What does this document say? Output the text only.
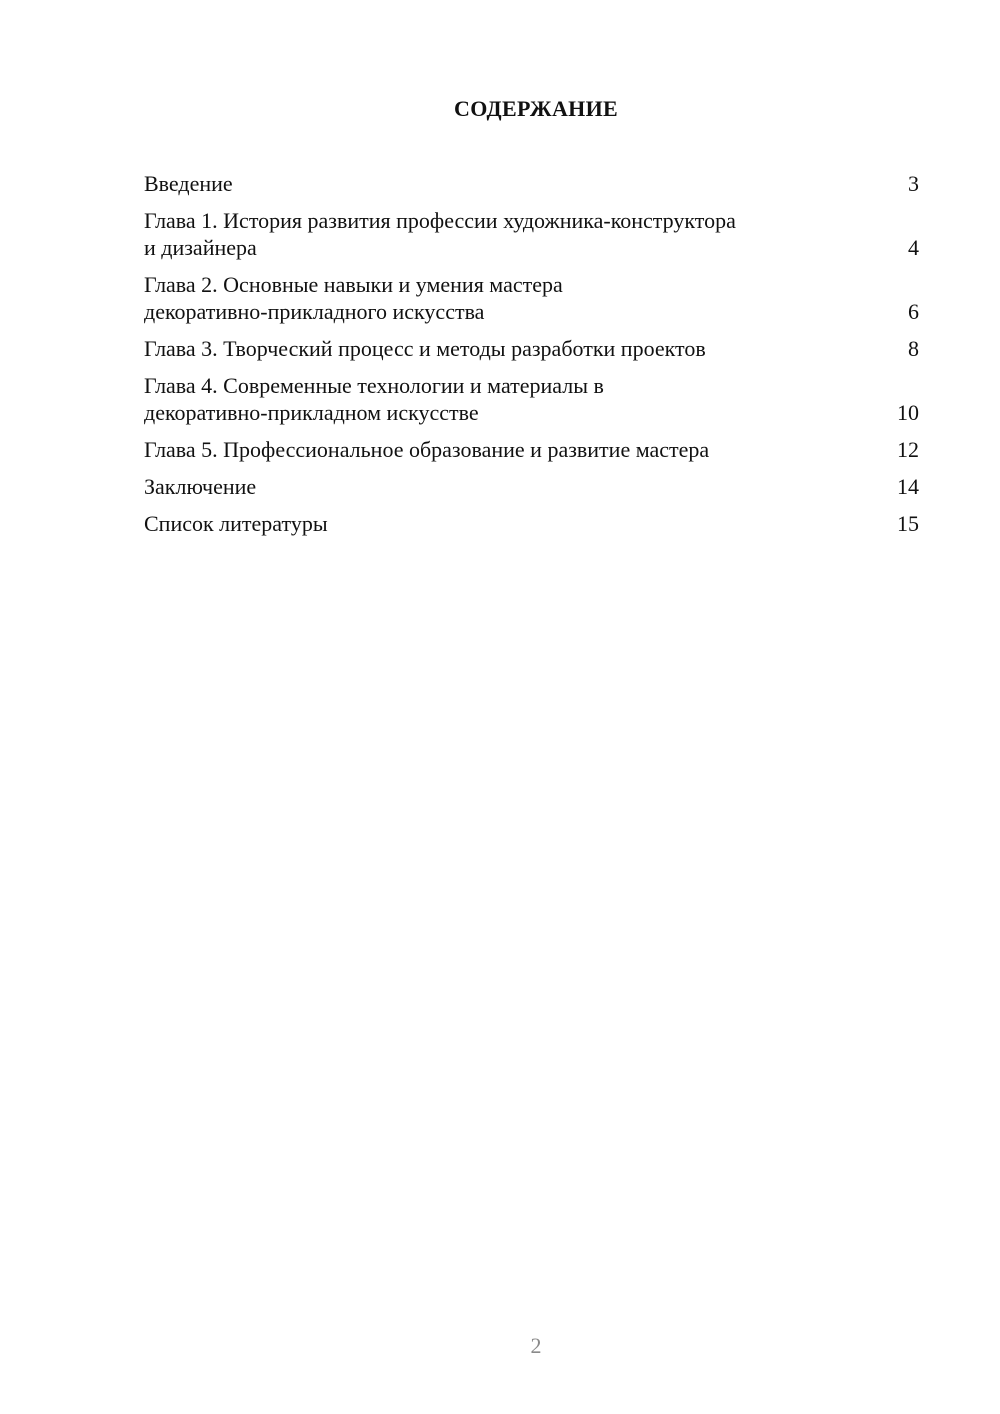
СОДЕРЖАНИЕ
Введение	3
Глава 1. История развития профессии художника-конструктора
и дизайнера	4
Глава 2. Основные навыки и умения мастера
декоративно-прикладного искусства	6
Глава 3. Творческий процесс и методы разработки проектов	8
Глава 4. Современные технологии и материалы в
декоративно-прикладном искусстве	10
Глава 5. Профессиональное образование и развитие мастера	12
Заключение	14
Список литературы	15
2
